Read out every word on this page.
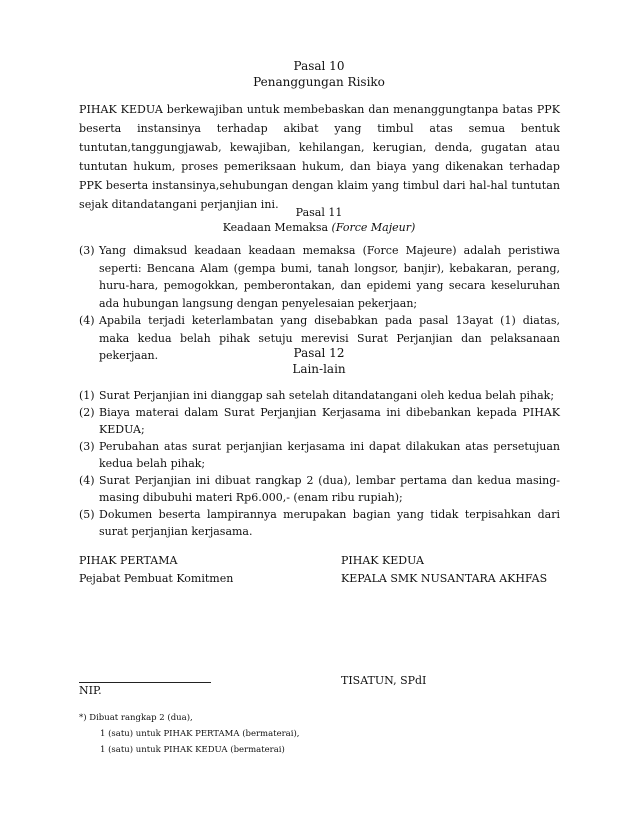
Pasal 10
Penanggungan Risiko
PIHAK KEDUA berkewajiban untuk membebaskan dan menanggungtanpa batas PPK beserta instansinya terhadap akibat yang timbul atas semua bentuk tuntutan,tanggungjawab, kewajiban, kehilangan, kerugian, denda, gugatan atau tuntutan hukum, proses pemeriksaan hukum, dan biaya yang dikenakan terhadap PPK beserta instansinya,sehubungan dengan klaim yang timbul dari hal-hal tuntutan sejak ditandatangani perjanjian ini.
Pasal 11
Keadaan Memaksa (Force Majeur)
(3) Yang dimaksud keadaan keadaan memaksa (Force Majeure) adalah peristiwa seperti: Bencana Alam (gempa bumi, tanah longsor, banjir), kebakaran, perang, huru-hara, pemogokkan, pemberontakan, dan epidemi yang secara keseluruhan ada hubungan langsung dengan penyelesaian pekerjaan;
(4) Apabila terjadi keterlambatan yang disebabkan pada pasal 13ayat (1) diatas, maka kedua belah pihak setuju merevisi Surat Perjanjian dan pelaksanaan pekerjaan.	Pasal 12
Lain-lain
(1) Surat Perjanjian ini dianggap sah setelah ditandatangani oleh kedua belah pihak;
(2) Biaya materai dalam Surat Perjanjian Kerjasama ini dibebankan kepada PIHAK KEDUA;
(3) Perubahan atas surat perjanjian kerjasama ini dapat dilakukan atas persetujuan kedua belah pihak;
(4) Surat Perjanjian ini dibuat rangkap 2 (dua), lembar pertama dan kedua masing-masing dibubuhi materi Rp6.000,- (enam ribu rupiah);
(5) Dokumen beserta lampirannya merupakan bagian yang tidak terpisahkan dari surat perjanjian kerjasama.
PIHAK PERTAMA
Pejabat Pembuat Komitmen
PIHAK KEDUA
KEPALA SMK NUSANTARA AKHFAS
NIP.
TISATUN, SPdI
*) Dibuat rangkap 2 (dua),
1 (satu) untuk PIHAK PERTAMA (bermaterai),
1 (satu) untuk PIHAK KEDUA (bermaterai)
